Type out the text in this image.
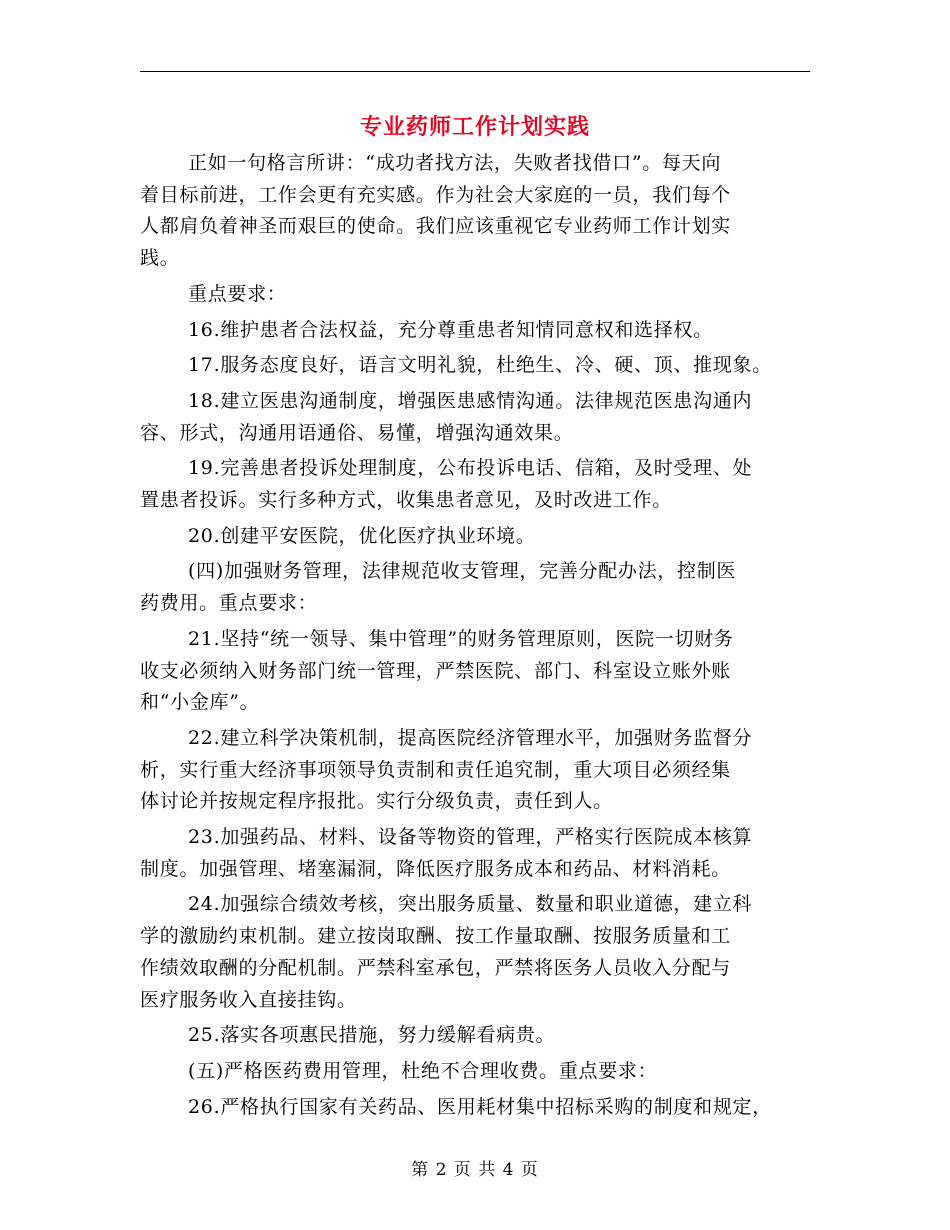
专业药师工作计划实践
正如一句格言所讲：“成功者找方法，失败者找借口”。每天向
着目标前进，工作会更有充实感。作为社会大家庭的一员，我们每个
人都肩负着神圣而艰巨的使命。我们应该重视它专业药师工作计划实
践。
重点要求：
16.维护患者合法权益，充分尊重患者知情同意权和选择权。
17.服务态度良好，语言文明礼貌，杜绝生、冷、硬、顶、推现象。
18.建立医患沟通制度，增强医患感情沟通。法律规范医患沟通内
容、形式，沟通用语通俗、易懂，增强沟通效果。
19.完善患者投诉处理制度，公布投诉电话、信箱，及时受理、处
置患者投诉。实行多种方式，收集患者意见，及时改进工作。
20.创建平安医院，优化医疗执业环境。
(四)加强财务管理，法律规范收支管理，完善分配办法，控制医
药费用。重点要求：
21.坚持“统一领导、集中管理”的财务管理原则，医院一切财务
收支必须纳入财务部门统一管理，严禁医院、部门、科室设立账外账
和“小金库”。
22.建立科学决策机制，提高医院经济管理水平，加强财务监督分
析，实行重大经济事项领导负责制和责任追究制，重大项目必须经集
体讨论并按规定程序报批。实行分级负责，责任到人。
23.加强药品、材料、设备等物资的管理，严格实行医院成本核算
制度。加强管理、堵塞漏洞，降低医疗服务成本和药品、材料消耗。
24.加强综合绩效考核，突出服务质量、数量和职业道德，建立科
学的激励约束机制。建立按岗取酬、按工作量取酬、按服务质量和工
作绩效取酬的分配机制。严禁科室承包，严禁将医务人员收入分配与
医疗服务收入直接挂钩。
25.落实各项惠民措施，努力缓解看病贵。
(五)严格医药费用管理，杜绝不合理收费。重点要求：
26.严格执行国家有关药品、医用耗材集中招标采购的制度和规定，
第 2 页 共 4 页
